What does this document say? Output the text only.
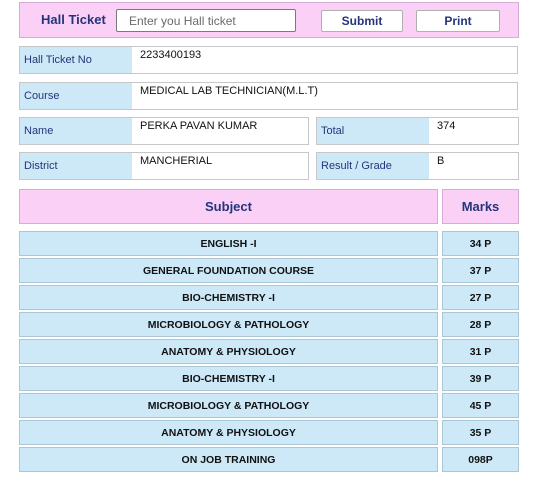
Hall Ticket
Enter you Hall ticket	Submit	Print
Hall Ticket No	2233400193
Course	MEDICAL LAB TECHNICIAN(M.L.T)
Name	PERKA PAVAN KUMAR	Total	374
District	MANCHERIAL	Result / Grade	B
Subject	Marks
ENGLISH -I	34 P
GENERAL FOUNDATION COURSE	37 P
BIO-CHEMISTRY -I	27 P
MICROBIOLOGY & PATHOLOGY	28 P
ANATOMY & PHYSIOLOGY	31 P
BIO-CHEMISTRY -I	39 P
MICROBIOLOGY & PATHOLOGY	45 P
ANATOMY & PHYSIOLOGY	35 P
ON JOB TRAINING	098P
